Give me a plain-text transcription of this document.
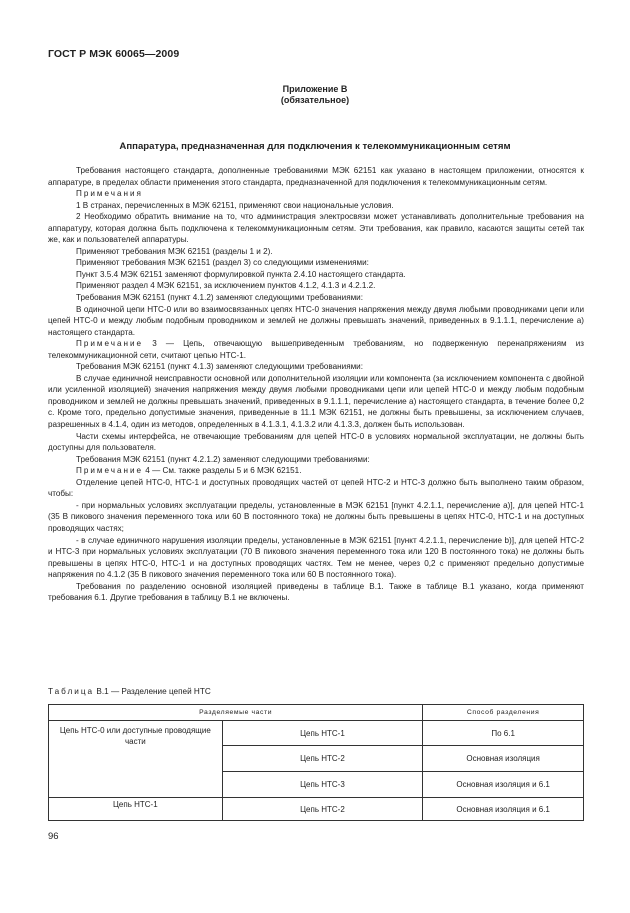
ГОСТ Р МЭК 60065—2009
Приложение В
(обязательное)
Аппаратура, предназначенная для подключения к телекоммуникационным сетям

Требования настоящего стандарта, дополненные требованиями МЭК 62151 как указано в настоящем приложении, относятся к аппаратуре, в пределах области применения этого стандарта, предназначенной для подключения к телекоммуникационным сетям.

Примечания

1 В странах, перечисленных в МЭК 62151, применяют свои национальные условия.

2 Необходимо обратить внимание на то, что администрация электросвязи может устанавливать дополнительные требования на аппаратуру, которая должна быть подключена к телекоммуникационным сетям. Эти требования, как правило, касаются защиты сетей так же, как и пользователей аппаратуры.

Применяют требования МЭК 62151 (разделы 1 и 2).

Применяют требования МЭК 62151 (раздел 3) со следующими изменениями:

Пункт 3.5.4 МЭК 62151 заменяют формулировкой пункта 2.4.10 настоящего стандарта.

Применяют раздел 4 МЭК 62151, за исключением пунктов 4.1.2, 4.1.3 и 4.2.1.2.

Требования МЭК 62151 (пункт 4.1.2) заменяют следующими требованиями:

В одиночной цепи НТС-0 или во взаимосвязанных цепях НТС-0 значения напряжения между двумя любыми проводниками цепи или цепей НТС-0 и между любым подобным проводником и землей не должны превышать значений, приведенных в 9.1.1.1, перечисление а) настоящего стандарта.

Примечание 3 — Цепь, отвечающую вышеприведенным требованиям, но подверженную перенапряжениям из телекоммуникационной сети, считают цепью НТС-1.

Требования МЭК 62151 (пункт 4.1.3) заменяют следующими требованиями:

В случае единичной неисправности основной или дополнительной изоляции или компонента (за исключением компонента с двойной или усиленной изоляцией) значения напряжения между двумя любыми проводниками цепи или цепей НТС-0 и между любым подобным проводником и землей не должны превышать значений, приведенных в 9.1.1.1, перечисление а) настоящего стандарта, в течение более 0,2 с. Кроме того, предельно допустимые значения, приведенные в 11.1 МЭК 62151, не должны быть превышены, за исключением случаев, разрешенных в 4.1.4, один из методов, определенных в 4.1.3.1, 4.1.3.2 или 4.1.3.3, должен быть использован.

Части схемы интерфейса, не отвечающие требованиям для цепей НТС-0 в условиях нормальной эксплуатации, не должны быть доступны для пользователя.

Требования МЭК 62151 (пункт 4.2.1.2) заменяют следующими требованиями:

Примечание 4 — См. также разделы 5 и 6 МЭК 62151.

Отделение цепей НТС-0, НТС-1 и доступных проводящих частей от цепей НТС-2 и НТС-3 должно быть выполнено таким образом, чтобы:

- при нормальных условиях эксплуатации пределы, установленные в МЭК 62151 [пункт 4.2.1.1, перечисление а)], для цепей НТС-1 (35 В пикового значения переменного тока или 60 В постоянного тока) не должны быть превышены в цепях НТС-0, НТС-1 и на доступных проводящих частях;

- в случае единичного нарушения изоляции пределы, установленные в МЭК 62151 [пункт 4.2.1.1, перечисление b)], для цепей НТС-2 и НТС-3 при нормальных условиях эксплуатации (70 В пикового значения переменного тока или 120 В постоянного тока) не должны быть превышены в цепях НТС-0, НТС-1 и на доступных проводящих частях. Тем не менее, через 0,2 с применяют предельно допустимые напряжения по 4.1.2 (35 В пикового значения переменного тока или 60 В постоянного тока).

Требования по разделению основной изоляцией приведены в таблице В.1. Также в таблице В.1 указано, когда применяют требования 6.1. Другие требования в таблицу В.1 не включены.

Таблица В.1 — Разделение цепей НТС
Разделяемые части		Способ разделения
Цепь НТС-0 или доступные проводящие части	Цепь НТС-1	По 6.1
	Цепь НТС-2	Основная изоляция
	Цепь НТС-3	Основная изоляция и 6.1
Цепь НТС-1	Цепь НТС-2	Основная изоляция и 6.1
96
